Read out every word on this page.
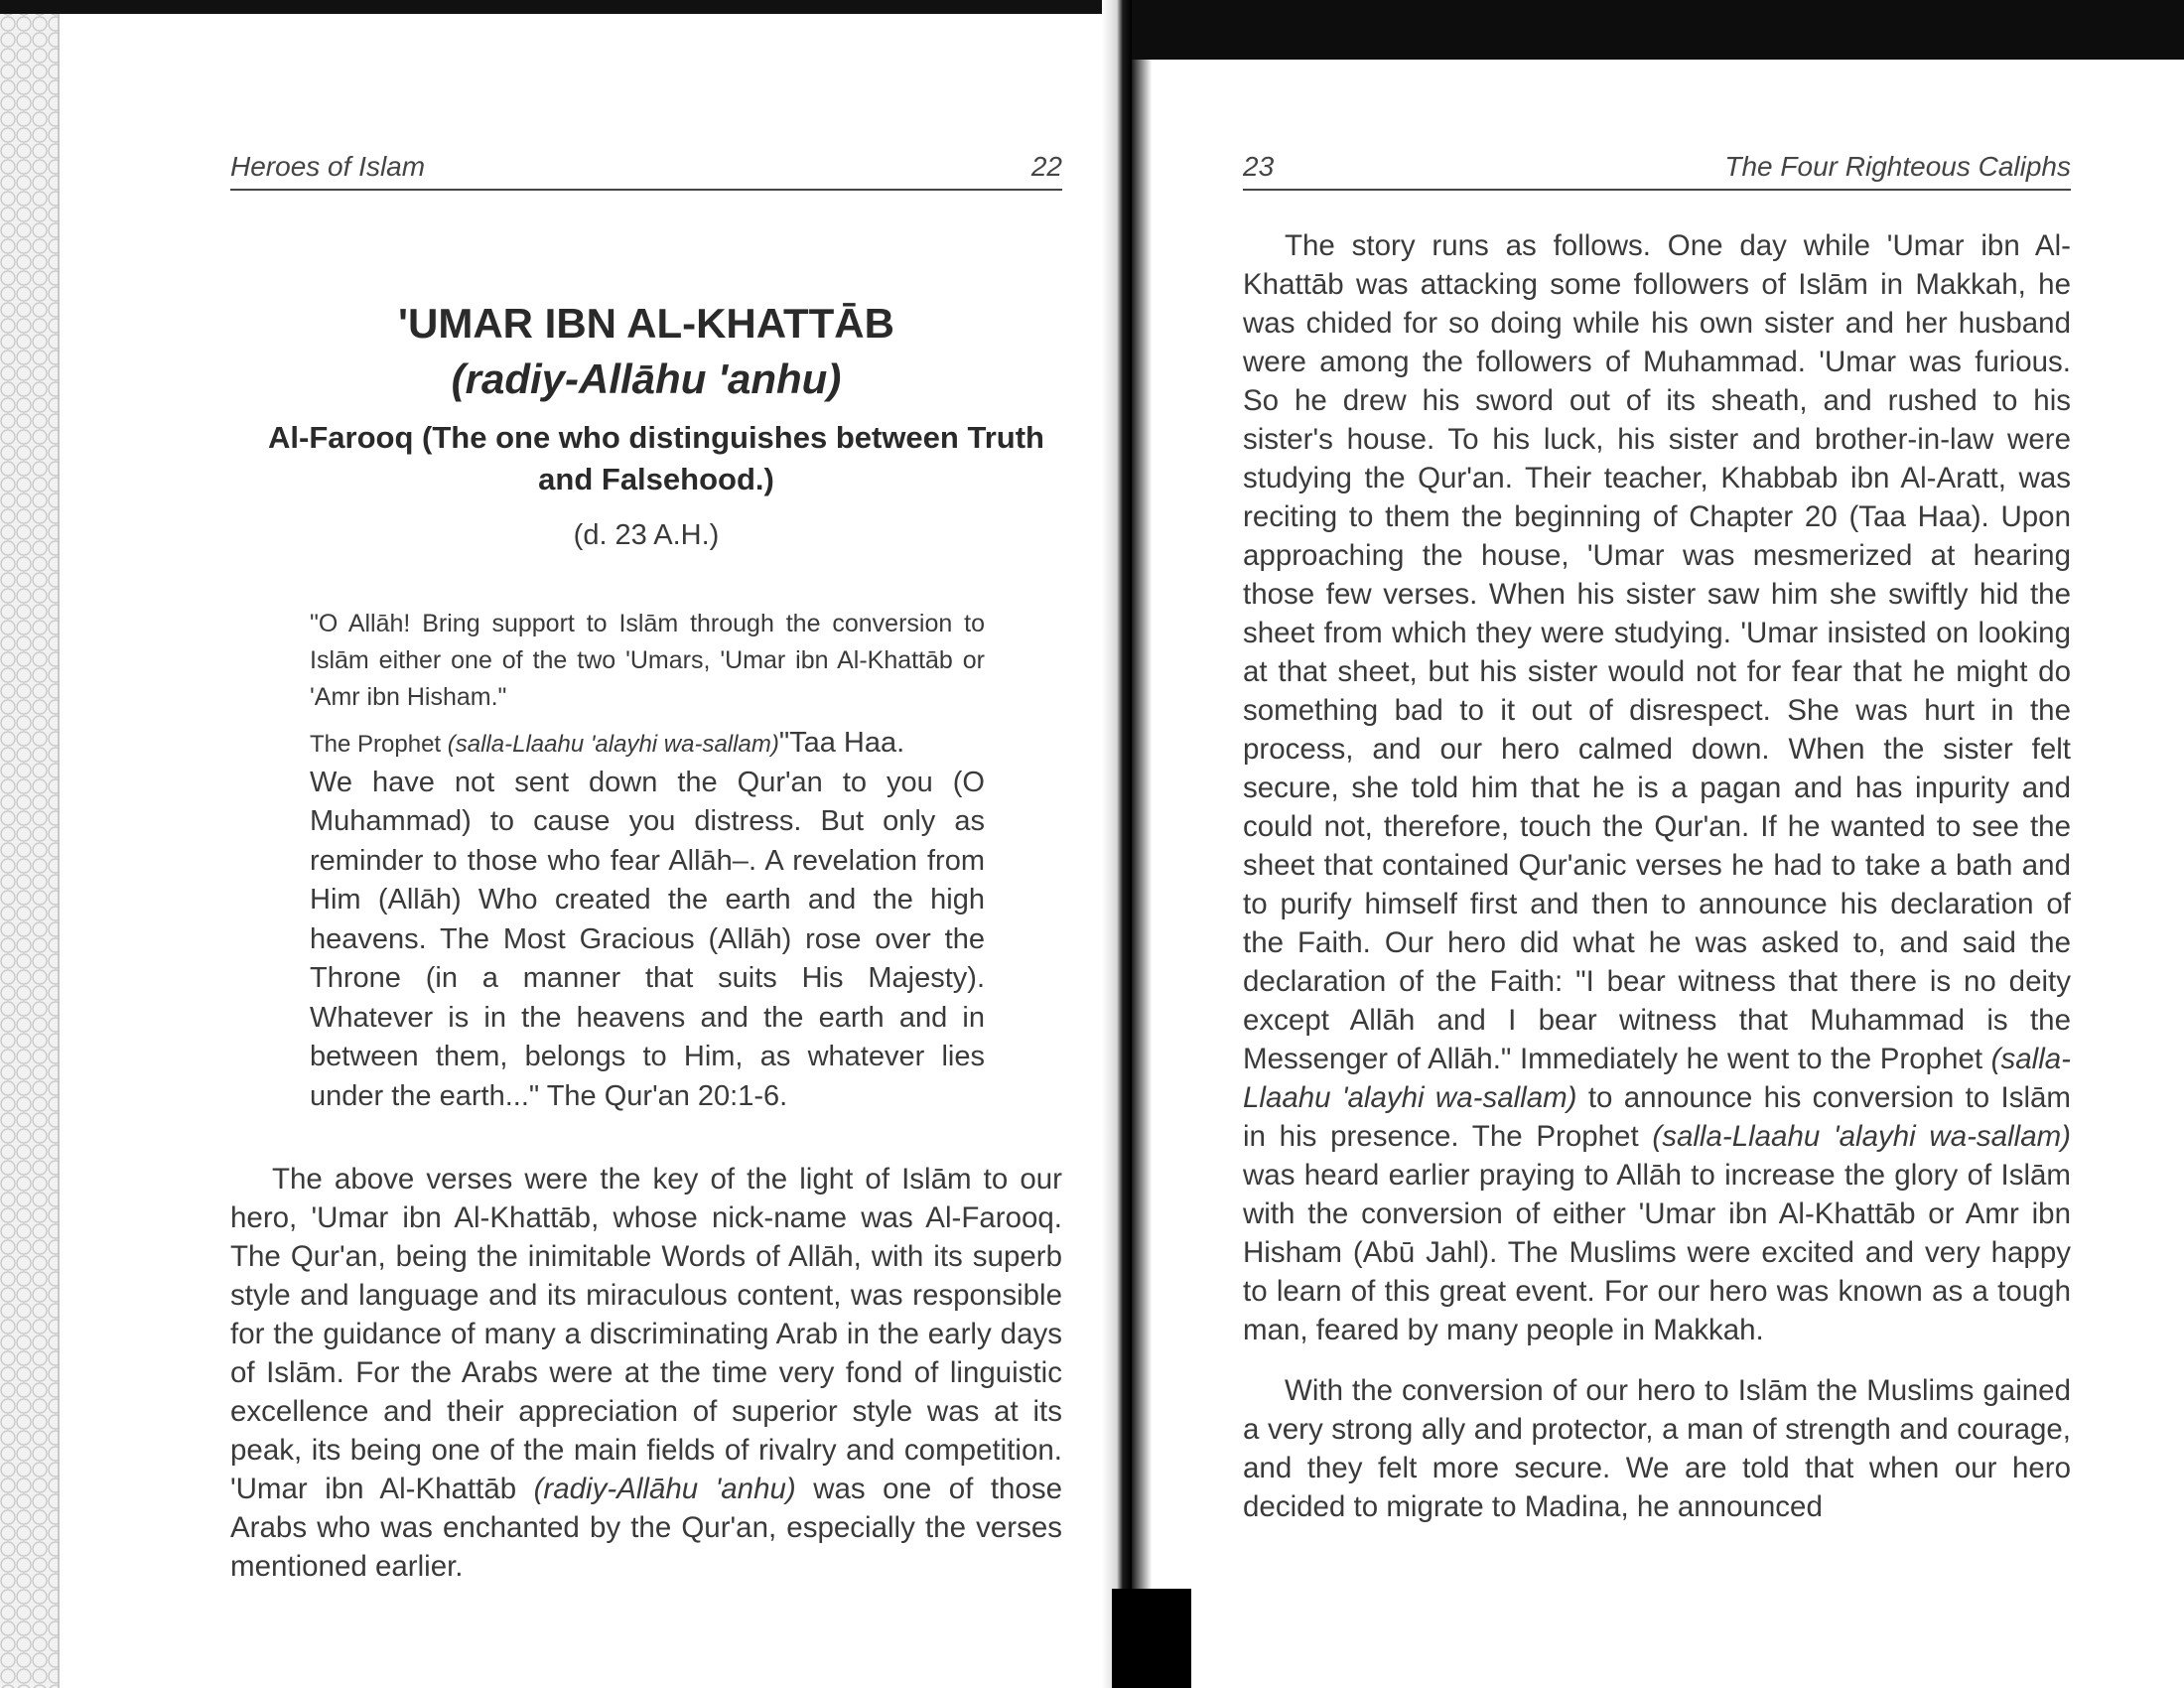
Heroes of Islam	22
'UMAR IBN AL-KHATTĀB
(radiy-Allāhu 'anhu)
Al-Farooq (The one who distinguishes between Truth and Falsehood.)
(d. 23 A.H.)

"O Allāh! Bring support to Islām through the conversion to Islām either one of the two 'Umars, 'Umar ibn Al-Khattāb or 'Amr ibn Hisham."

The Prophet (salla-Llaahu 'alayhi wa-sallam)"Taa Haa.

We have not sent down the Qur'an to you (O Muhammad) to cause you distress. But only as reminder to those who fear Allāh–. A revelation from Him (Allāh) Who created the earth and the high heavens. The Most Gracious (Allāh) rose over the Throne (in a manner that suits His Majesty). Whatever is in the heavens and the earth and in between them, belongs to Him, as whatever lies under the earth..." The Qur'an 20:1-6.

The above verses were the key of the light of Islām to our hero, 'Umar ibn Al-Khattāb, whose nick-name was Al-Farooq. The Qur'an, being the inimitable Words of Allāh, with its superb style and language and its miraculous content, was responsible for the guidance of many a discriminating Arab in the early days of Islām. For the Arabs were at the time very fond of linguistic excellence and their appreciation of superior style was at its peak, its being one of the main fields of rivalry and competition. 'Umar ibn Al-Khattāb (radiy-Allāhu 'anhu) was one of those Arabs who was enchanted by the Qur'an, especially the verses mentioned earlier.

23	The Four Righteous Caliphs

The story runs as follows. One day while 'Umar ibn Al-Khattāb was attacking some followers of Islām in Makkah, he was chided for so doing while his own sister and her husband were among the followers of Muhammad. 'Umar was furious. So he drew his sword out of its sheath, and rushed to his sister's house. To his luck, his sister and brother-in-law were studying the Qur'an. Their teacher, Khabbab ibn Al-Aratt, was reciting to them the beginning of Chapter 20 (Taa Haa). Upon approaching the house, 'Umar was mesmerized at hearing those few verses. When his sister saw him she swiftly hid the sheet from which they were studying. 'Umar insisted on looking at that sheet, but his sister would not for fear that he might do something bad to it out of disrespect. She was hurt in the process, and our hero calmed down. When the sister felt secure, she told him that he is a pagan and has inpurity and could not, therefore, touch the Qur'an. If he wanted to see the sheet that contained Qur'anic verses he had to take a bath and to purify himself first and then to announce his declaration of the Faith. Our hero did what he was asked to, and said the declaration of the Faith: "I bear witness that there is no deity except Allāh and I bear witness that Muhammad is the Messenger of Allāh." Immediately he went to the Prophet (salla-Llaahu 'alayhi wa-sallam) to announce his conversion to Islām in his presence. The Prophet (salla-Llaahu 'alayhi wa-sallam) was heard earlier praying to Allāh to increase the glory of Islām with the conversion of either 'Umar ibn Al-Khattāb or Amr ibn Hisham (Abū Jahl). The Muslims were excited and very happy to learn of this great event. For our hero was known as a tough man, feared by many people in Makkah.

With the conversion of our hero to Islām the Muslims gained a very strong ally and protector, a man of strength and courage, and they felt more secure. We are told that when our hero decided to migrate to Madina, he announced
